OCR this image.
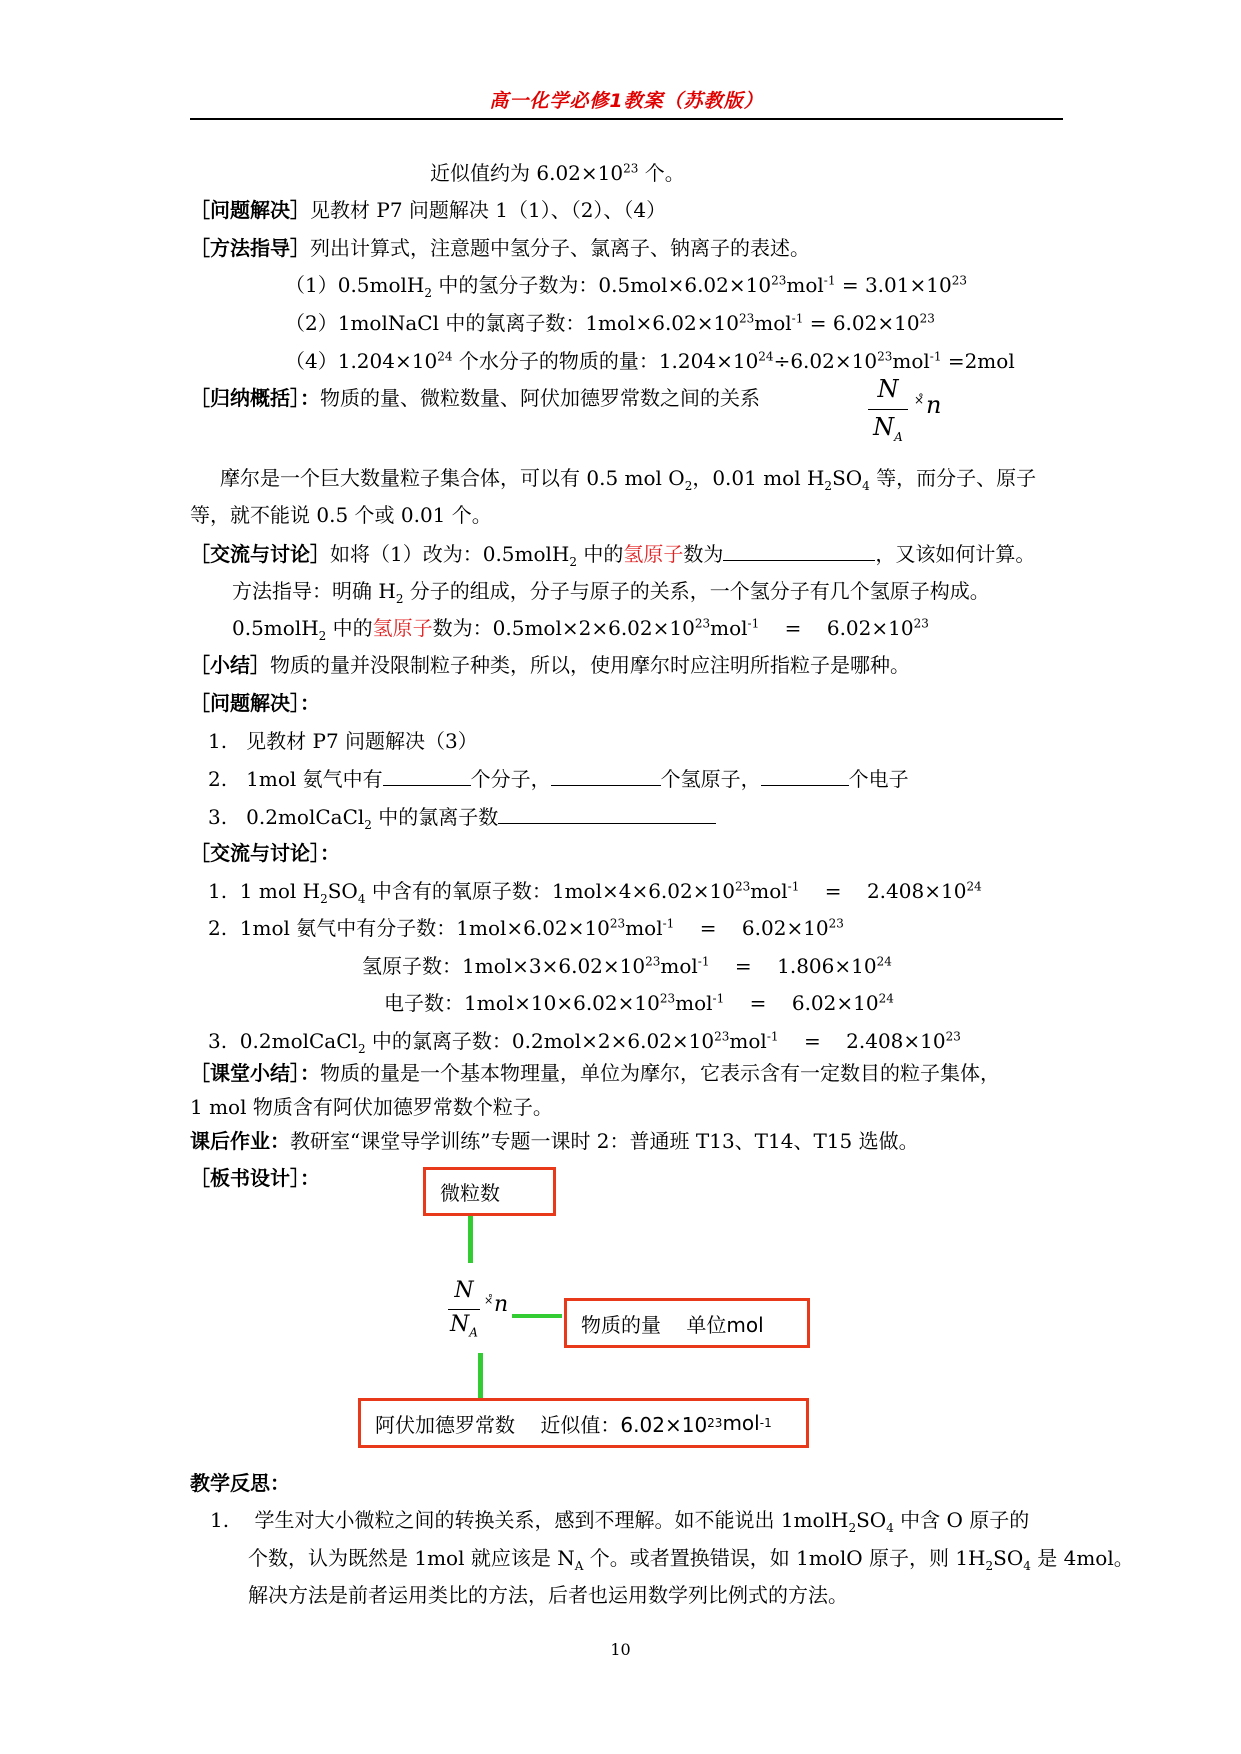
高一化学必修1教案（苏教版）
近似值约为 $6.02\times 10^{23}$ 个。
［问题解决］见教材 P7 问题解决 1（1）、（2）、（4）
［方法指导］列出计算式，注意题中氢分子、氯离子、钠离子的表述。
（1）0.5molH$_2$ 中的氢分子数为：$0.5mol\times 6.02\times 10^{23}mol^{-1} = 3.01\times 10^{23}$
（2）1molNaCl 中的氯离子数：$1mol\times 6.02\times 10^{23}mol^{-1} = 6.02\times 10^{23}$
$(4)1.204\times 10^{24}$ 个水分子的物质的量：$1.204\times 10^{24}\div 6.02\times 10^{23}mol^{-1} =2mol$
［归纳概括］：物质的量、微粒数量、阿伏加德罗常数之间的关系	N
$N_A$
×̊ n
摩尔是一个巨大数量粒子集合体，可以有 0.5 mol $O_2$，0.01 mol $H_2SO_4$ 等，而分子、原子
等，就不能说 0.5 个或 0.01 个。
［交流与讨论］如将（1）改为：0.5molH$_2$ 中的氢原子数为	，又该如何计算。
方法指导：明确 $H_2$ 分子的组成，分子与原子的关系，一个氢分子有几个氢原子构成。
0.5molH$_2$ 中的氢原子数为：$0.5mol\times 2\times 6.02\times 10^{23}mol^{-1}$    =    $6.02\times 10^{23}$
［小结］物质的量并没限制粒子种类，所以，使用摩尔时应注明所指粒子是哪种。
［问题解决］：
1.   见教材 P7 问题解决（3）
2.   1mol 氨气中有	个分子，	个氢原子，	个电子
3.   0.2molCaCl$_2$ 中的氯离子数
［交流与讨论］：
1.  1 mol $H_2SO_4$ 中含有的氧原子数：$1mol\times 4\times 6.02\times 10^{23}mol^{-1}$    =    $2.408\times 10^{24}$
2.  1mol 氨气中有分子数：$1mol\times 6.02\times 10^{23}mol^{-1}$    =    $6.02\times 10^{23}$
氢原子数：$1mol\times 3\times 6.02\times 10^{23}mol^{-1}$    =    $1.806\times 10^{24}$
电子数：$1mol\times 10\times 6.02\times 10^{23}mol^{-1}$    =    $6.02\times 10^{24}$
3.  0.2molCaCl$_2$ 中的氯离子数：$0.2mol\times 2\times 6.02\times 10^{23}mol^{-1}$    =    $2.408\times 10^{23}$
［课堂小结］：物质的量是一个基本物理量，单位为摩尔，它表示含有一定数目的粒子集体，
1 mol 物质含有阿伏加德罗常数个粒子。
课后作业：教研室“课堂导学训练”专题一课时 2：普通班 T13、T14、T15 选做。
［板书设计］：
微粒数
N
$N_A$
×̊ n
物质的量    单位mol
阿伏加德罗常数    近似值：6.02×10 23 mol -1
教学反思：
1.    学生对大小微粒之间的转换关系，感到不理解。如不能说出 $1molH_2SO_4$ 中含 O 原子的
个数，认为既然是 1mol 就应该是 $N_A$ 个。或者置换错误，如 1molO 原子，则 $1H_2SO_4$ 是 4mol。
解决方法是前者运用类比的方法，后者也运用数学列比例式的方法。
10
